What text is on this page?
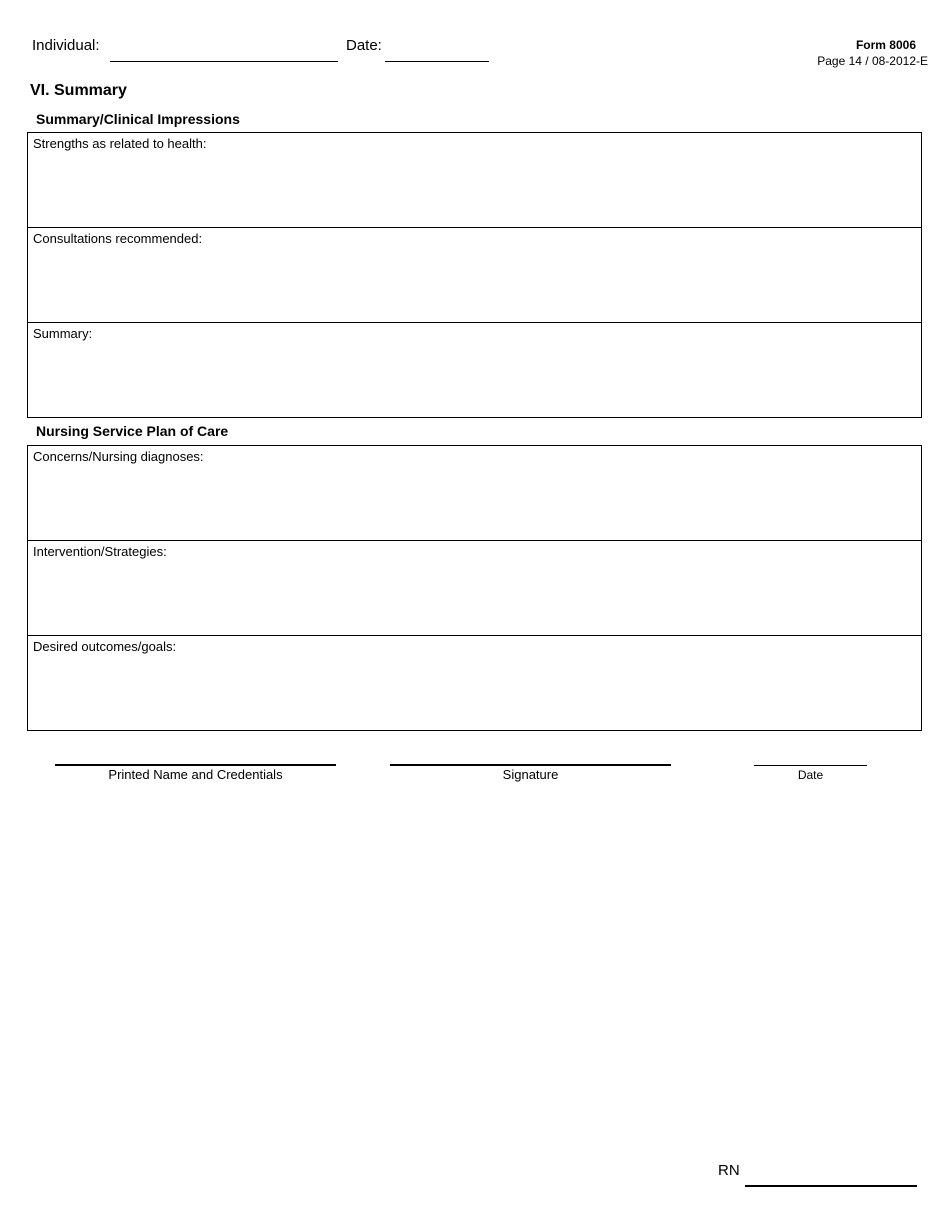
Individual:	Date:	Form 8006
Page 14 / 08-2012-E
VI. Summary
Summary/Clinical Impressions
Strengths as related to health:
Consultations recommended:
Summary:
Nursing Service Plan of Care
Concerns/Nursing diagnoses:
Intervention/Strategies:
Desired outcomes/goals:
Printed Name and Credentials	Signature	Date
RN
